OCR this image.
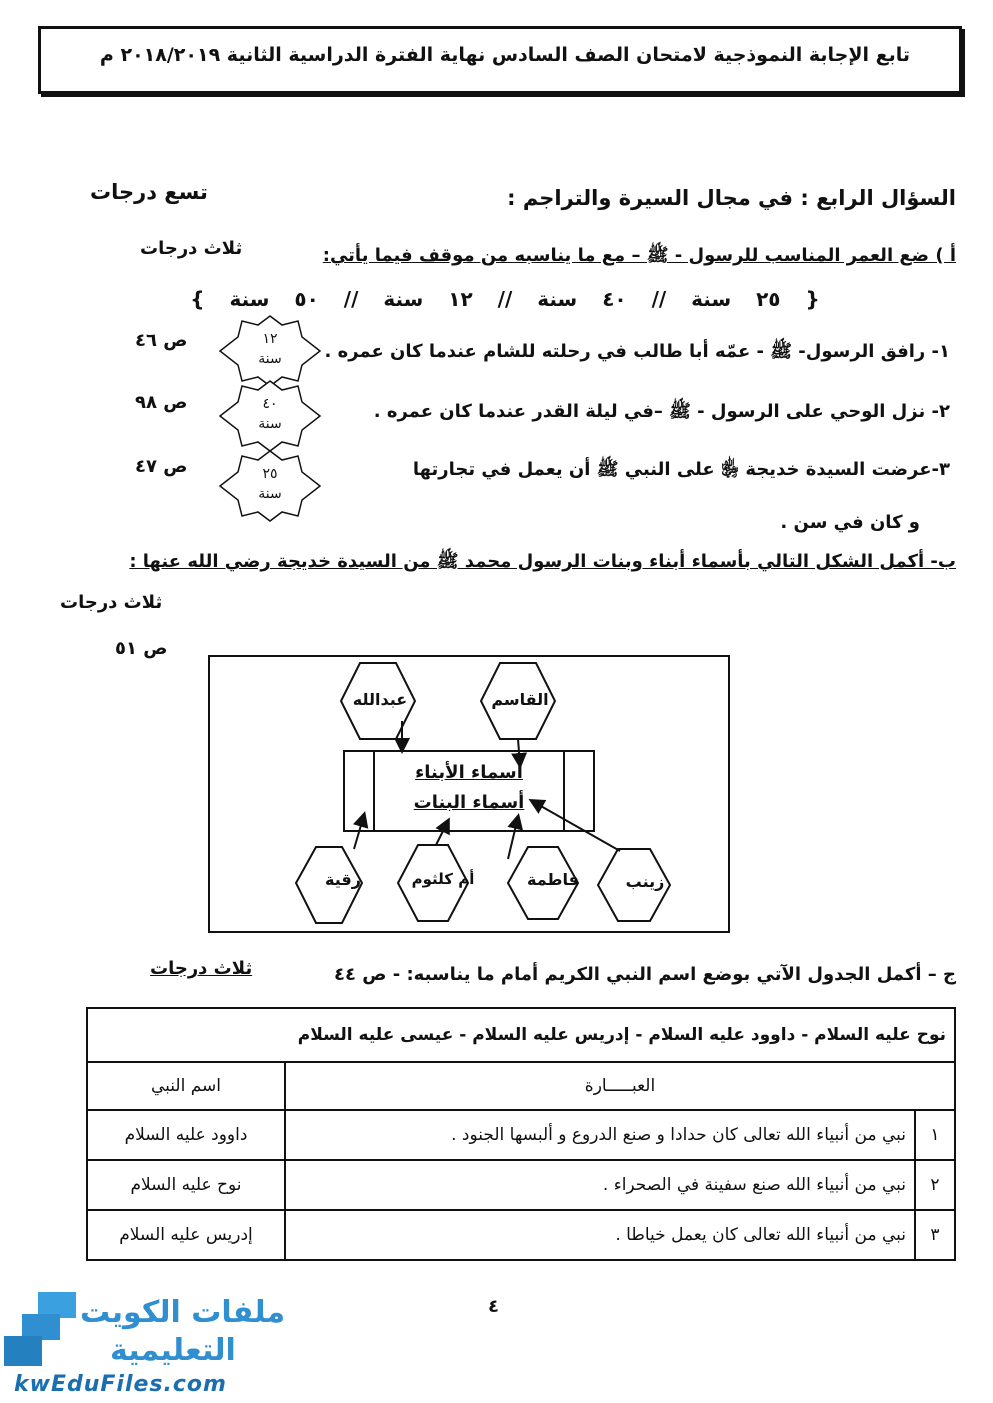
تابع الإجابة النموذجية لامتحان الصف السادس نهاية الفترة الدراسية الثانية ٢٠١٨/٢٠١٩ م
السؤال الرابع : في مجال السيرة والتراجم :
تسع درجات
أ ) ضع العمر المناسب للرسول - ﷺ – مع ما يناسبه من موقف فيما يأتي:
ثلاث درجات
{ ٢٥ سنة // ٤٠ سنة // ١٢ سنة // ٥٠ سنة }
١- رافق الرسول- ﷺ - عمّه أبا طالب في رحلته للشام عندما كان عمره .
١٢
سنة
ص ٤٦
٢- نزل الوحي على الرسول - ﷺ –في ليلة القدر عندما كان عمره .
٤٠
سنة
ص ٩٨
٣-عرضت السيدة خديجة ﵂ على النبي ﷺ أن يعمل في تجارتها
و كان في سن .
٢٥
سنة
ص ٤٧
ب- أكمل الشكل التالي بأسماء أبناء وبنات الرسول محمد ﷺ من السيدة خديجة رضي الله عنها :
ثلاث درجات
ص ٥١
عبدالله	القاسم
أسماء الأبناء
أسماء البنات
رقية	أم كلثوم	فاطمة	زينب
ج – أكمل الجدول الآتي بوضع اسم النبي الكريم أمام ما يناسبه: - ص ٤٤
ثلاث درجات
نوح عليه السلام - داوود عليه السلام - إدريس عليه السلام - عيسى عليه السلام		
العبـــــارة		اسم النبي
١	نبي من أنبياء الله تعالى كان حدادا و صنع الدروع و ألبسها الجنود .	داوود عليه السلام
٢	نبي من أنبياء الله صنع سفينة في الصحراء .	نوح عليه السلام
٣	نبي من أنبياء الله تعالى كان يعمل خياطا .	إدريس عليه السلام
٤
ملفات الكويت
التعليمية
kwEduFiles.com
